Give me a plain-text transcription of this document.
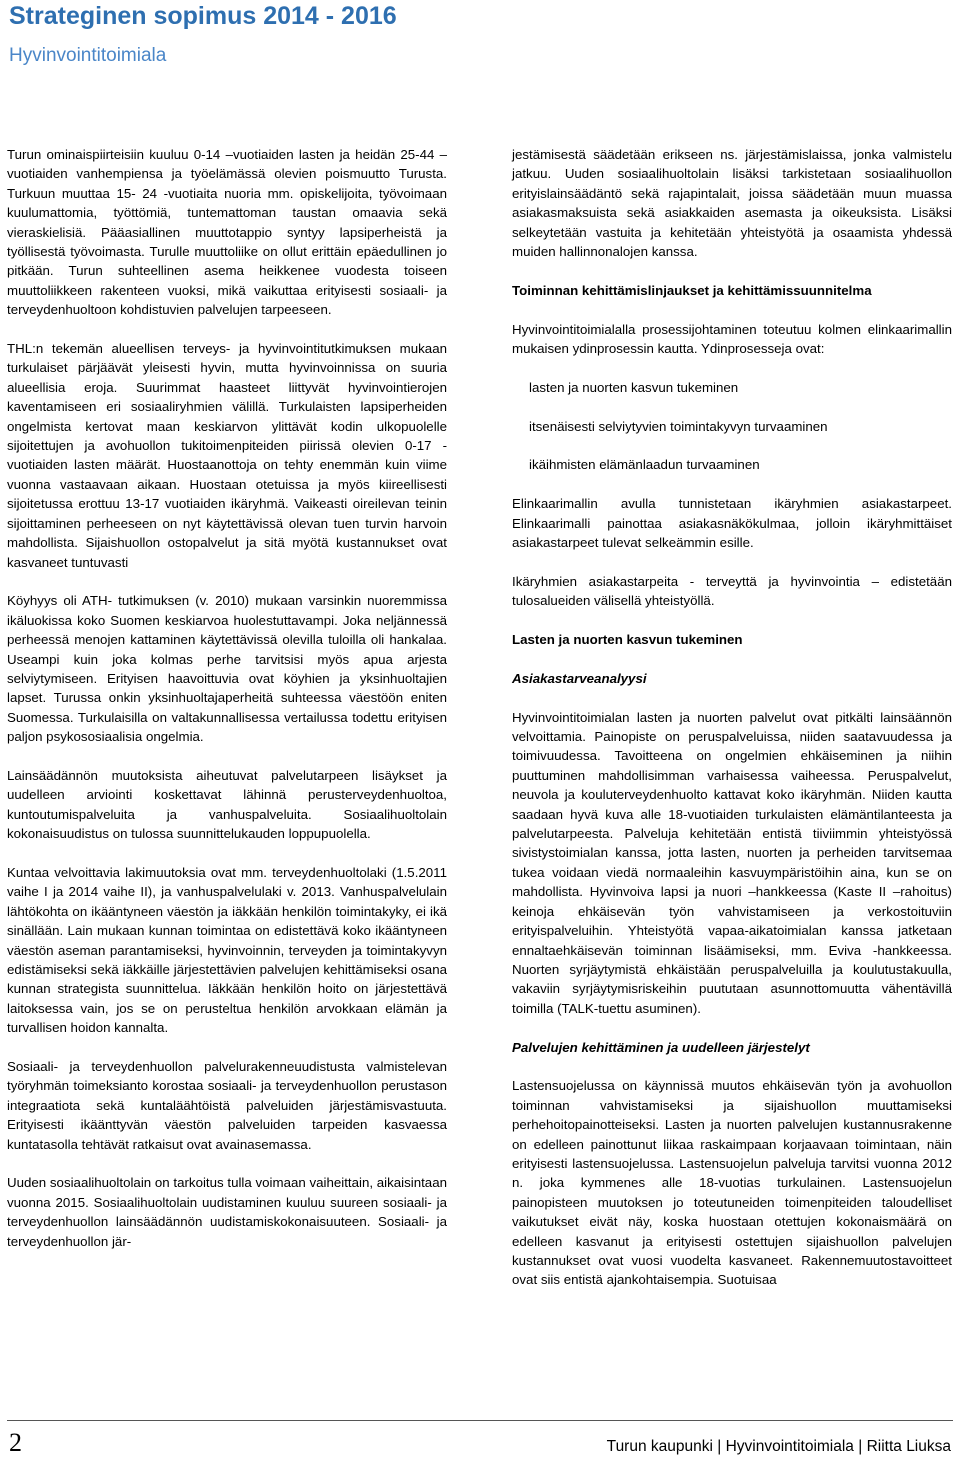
Strateginen sopimus 2014 - 2016
Hyvinvointitoimiala

Turun ominaispiirteisiin kuuluu 0-14 –vuotiaiden lasten ja heidän 25-44 –vuotiaiden vanhempiensa ja työelämässä olevien poismuutto Turusta. Turkuun muuttaa 15- 24 -vuotiaita nuoria mm. opiskelijoita, työvoimaan kuulumattomia, työttömiä, tuntemattoman taustan omaavia sekä vieraskielisiä. Pääasiallinen muuttotappio syntyy lapsiperheistä ja työllisestä työvoimasta. Turulle muuttoliike on ollut erittäin epäedullinen jo pitkään. Turun suhteellinen asema heikkenee vuodesta toiseen muuttoliikkeen rakenteen vuoksi, mikä vaikuttaa erityisesti sosiaali- ja terveydenhuoltoon kohdistuvien palvelujen tarpeeseen.

THL:n tekemän alueellisen terveys- ja hyvinvointitutkimuksen mukaan turkulaiset pärjäävät yleisesti hyvin, mutta hyvinvoinnissa on suuria alueellisia eroja. Suurimmat haasteet liittyvät hyvinvointierojen kaventamiseen eri sosiaaliryhmien välillä. Turkulaisten lapsiperheiden ongelmista kertovat maan keskiarvon ylittävät kodin ulkopuolelle sijoitettujen ja avohuollon tukitoimenpiteiden piirissä olevien 0-17 -vuotiaiden lasten määrät. Huostaanottoja on tehty enemmän kuin viime vuonna vastaavaan aikaan. Huostaan otetuissa ja myös kiireellisesti sijoitetussa erottuu 13-17 vuotiaiden ikäryhmä. Vaikeasti oireilevan teinin sijoittaminen perheeseen on nyt käytettävissä olevan tuen turvin harvoin mahdollista. Sijaishuollon ostopalvelut ja sitä myötä kustannukset ovat kasvaneet tuntuvasti

Köyhyys oli ATH- tutkimuksen (v. 2010) mukaan varsinkin nuoremmissa ikäluokissa koko Suomen keskiarvoa huolestuttavampi. Joka neljännessä perheessä menojen kattaminen käytettävissä olevilla tuloilla oli hankalaa. Useampi kuin joka kolmas perhe tarvitsisi myös apua arjesta selviytymiseen. Erityisen haavoittuvia ovat köyhien ja yksinhuoltajien lapset. Turussa onkin yksinhuoltajaperheitä suhteessa väestöön eniten Suomessa. Turkulaisilla on valtakunnallisessa vertailussa todettu erityisen paljon psykososiaalisia ongelmia.

Lainsäädännön muutoksista aiheutuvat palvelutarpeen lisäykset ja uudelleen arviointi koskettavat lähinnä perusterveydenhuoltoa, kuntoutumispalveluita ja vanhuspalveluita. Sosiaalihuoltolain kokonaisuudistus on tulossa suunnittelukauden loppupuolella.

Kuntaa velvoittavia lakimuutoksia ovat mm. terveydenhuoltolaki (1.5.2011 vaihe I ja 2014 vaihe II), ja vanhuspalvelulaki v. 2013. Vanhuspalvelulain lähtökohta on ikääntyneen väestön ja iäkkään henkilön toimintakyky, ei ikä sinällään. Lain mukaan kunnan toimintaa on edistettävä koko ikääntyneen väestön aseman parantamiseksi, hyvinvoinnin, terveyden ja toimintakyvyn edistämiseksi sekä iäkkäille järjestettävien palvelujen kehittämiseksi osana kunnan strategista suunnittelua. Iäkkään henkilön hoito on järjestettävä laitoksessa vain, jos se on perusteltua henkilön arvokkaan elämän ja turvallisen hoidon kannalta.

Sosiaali- ja terveydenhuollon palvelurakenneuudistusta valmistelevan työryhmän toimeksianto korostaa sosiaali- ja terveydenhuollon perustason integraatiota sekä kuntaläähtöistä palveluiden järjestämisvastuuta. Erityisesti ikäänttyvän väestön palveluiden tarpeiden kasvaessa kuntatasolla tehtävät ratkaisut ovat avainasemassa.

Uuden sosiaalihuoltolain on tarkoitus tulla voimaan vaiheittain, aikaisintaan vuonna 2015. Sosiaalihuoltolain uudistaminen kuuluu suureen sosiaali- ja terveydenhuollon lainsäädännön uudistamiskokonaisuuteen. Sosiaali- ja terveydenhuollon jär-

jestämisestä säädetään erikseen ns. järjestämislaissa, jonka valmistelu jatkuu. Uuden sosiaalihuoltolain lisäksi tarkistetaan sosiaalihuollon erityislainsäädäntö sekä rajapintalait, joissa säädetään muun muassa asiakasmaksuista sekä asiakkaiden asemasta ja oikeuksista. Lisäksi selkeytetään vastuita ja kehitetään yhteistyötä ja osaamista yhdessä muiden hallinnonalojen kanssa.

Toiminnan kehittämislinjaukset ja kehittämissuunnitelma

Hyvinvointitoimialalla prosessijohtaminen toteutuu kolmen elinkaarimallin mukaisen ydinprosessin kautta. Ydinprosesseja ovat:

lasten ja nuorten kasvun tukeminen
itsenäisesti selviytyvien toimintakyvyn turvaaminen
ikäihmisten elämänlaadun turvaaminen

Elinkaarimallin avulla tunnistetaan ikäryhmien asiakastarpeet. Elinkaarimalli painottaa asiakasnäkökulmaa, jolloin ikäryhmittäiset asiakastarpeet tulevat selkeämmin esille.

Ikäryhmien asiakastarpeita - terveyttä ja hyvinvointia – edistetään tulosalueiden välisellä yhteistyöllä.

Lasten ja nuorten kasvun tukeminen
Asiakastarveanalyysi

Hyvinvointitoimialan lasten ja nuorten palvelut ovat pitkälti lainsäännön velvoittamia. Painopiste on peruspalveluissa, niiden saatavuudessa ja toimivuudessa. Tavoitteena on ongelmien ehkäiseminen ja niihin puuttuminen mahdollisimman varhaisessa vaiheessa. Peruspalvelut, neuvola ja kouluterveydenhuolto kattavat koko ikäryhmän. Niiden kautta saadaan hyvä kuva alle 18-vuotiaiden turkulaisten elämäntilanteesta ja palvelutarpeesta. Palveluja kehitetään entistä tiiviimmin yhteistyössä sivistystoimialan kanssa, jotta lasten, nuorten ja perheiden tarvitsemaa tukea voidaan viedä normaaleihin kasvuympäristöihin aina, kun se on mahdollista. Hyvinvoiva lapsi ja nuori –hankkeessa (Kaste II –rahoitus) keinoja ehkäisevän työn vahvistamiseen ja verkostoituviin erityispalveluihin. Yhteistyötä vapaa-aikatoimialan kanssa jatketaan ennaltaehkäisevän toiminnan lisäämiseksi, mm. Eviva -hankkeessa. Nuorten syrjäytymistä ehkäistään peruspalveluilla ja koulutustakuulla, vakaviin syrjäytymisriskeihin puututaan asunnottomuutta vähentävillä toimilla (TALK-tuettu asuminen).

Palvelujen kehittäminen ja uudelleen järjestelyt

Lastensuojelussa on käynnissä muutos ehkäisevän työn ja avohuollon toiminnan vahvistamiseksi ja sijaishuollon muuttamiseksi perhehoitopainotteiseksi. Lasten ja nuorten palvelujen kustannusrakenne on edelleen painottunut liikaa raskaimpaan korjaavaan toimintaan, näin erityisesti lastensuojelussa. Lastensuojelun palveluja tarvitsi vuonna 2012 n. joka kymmenes alle 18-vuotias turkulainen. Lastensuojelun painopisteen muutoksen jo toteutuneiden toimenpiteiden taloudelliset vaikutukset eivät näy, koska huostaan otettujen kokonaismäärä on edelleen kasvanut ja erityisesti ostettujen sijaishuollon palvelujen kustannukset ovat vuosi vuodelta kasvaneet. Rakennemuutostavoitteet ovat siis entistä ajankohtaisempia. Suotuisaa

2	Turun kaupunki | Hyvinvointitoimiala | Riitta Liuksa
